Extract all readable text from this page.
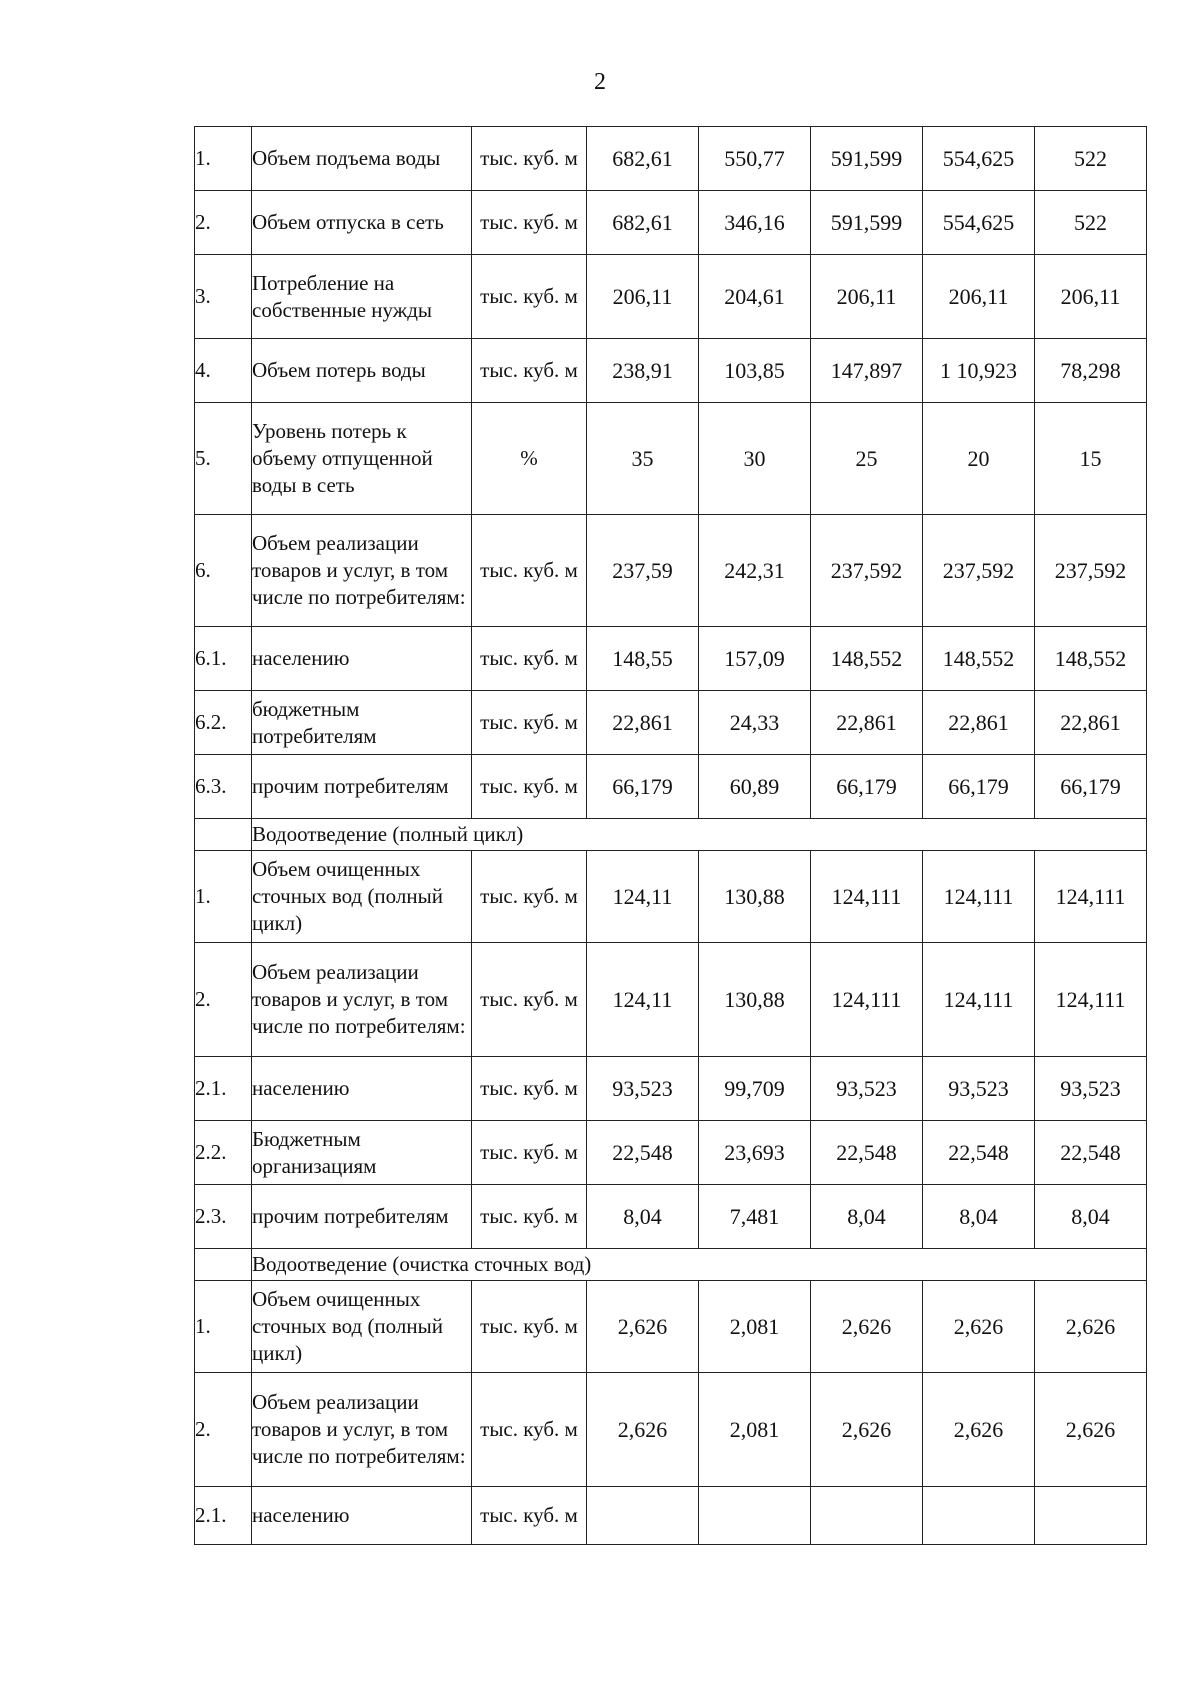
2
1.	Объем подъема воды	тыс. куб. м	682,61	550,77	591,599	554,625	522
2.	Объем отпуска в сеть	тыс. куб. м	682,61	346,16	591,599	554,625	522
3.	Потребление на собственные нужды	тыс. куб. м	206,11	204,61	206,11	206,11	206,11
4.	Объем потерь воды	тыс. куб. м	238,91	103,85	147,897	1 10,923	78,298
5.	Уровень потерь к объему отпущенной воды в сеть	%	35	30	25	20	15
6.	Объем реализации товаров и услуг, в том числе по потребителям:	тыс. куб. м	237,59	242,31	237,592	237,592	237,592
6.1.	населению	тыс. куб. м	148,55	157,09	148,552	148,552	148,552
6.2.	бюджетным потребителям	тыс. куб. м	22,861	24,33	22,861	22,861	22,861
6.3.	прочим потребителям	тыс. куб. м	66,179	60,89	66,179	66,179	66,179
	Водоотведение (полный цикл)						
1.	Объем очищенных сточных вод (полный цикл)	тыс. куб. м	124,11	130,88	124,111	124,111	124,111
2.	Объем реализации товаров и услуг, в том числе по потребителям:	тыс. куб. м	124,11	130,88	124,111	124,111	124,111
2.1.	населению	тыс. куб. м	93,523	99,709	93,523	93,523	93,523
2.2.	Бюджетным организациям	тыс. куб. м	22,548	23,693	22,548	22,548	22,548
2.3.	прочим потребителям	тыс. куб. м	8,04	7,481	8,04	8,04	8,04
	Водоотведение (очистка сточных вод)						
1.	Объем очищенных сточных вод (полный цикл)	тыс. куб. м	2,626	2,081	2,626	2,626	2,626
2.	Объем реализации товаров и услуг, в том числе по потребителям:	тыс. куб. м	2,626	2,081	2,626	2,626	2,626
2.1.	населению	тыс. куб. м					
